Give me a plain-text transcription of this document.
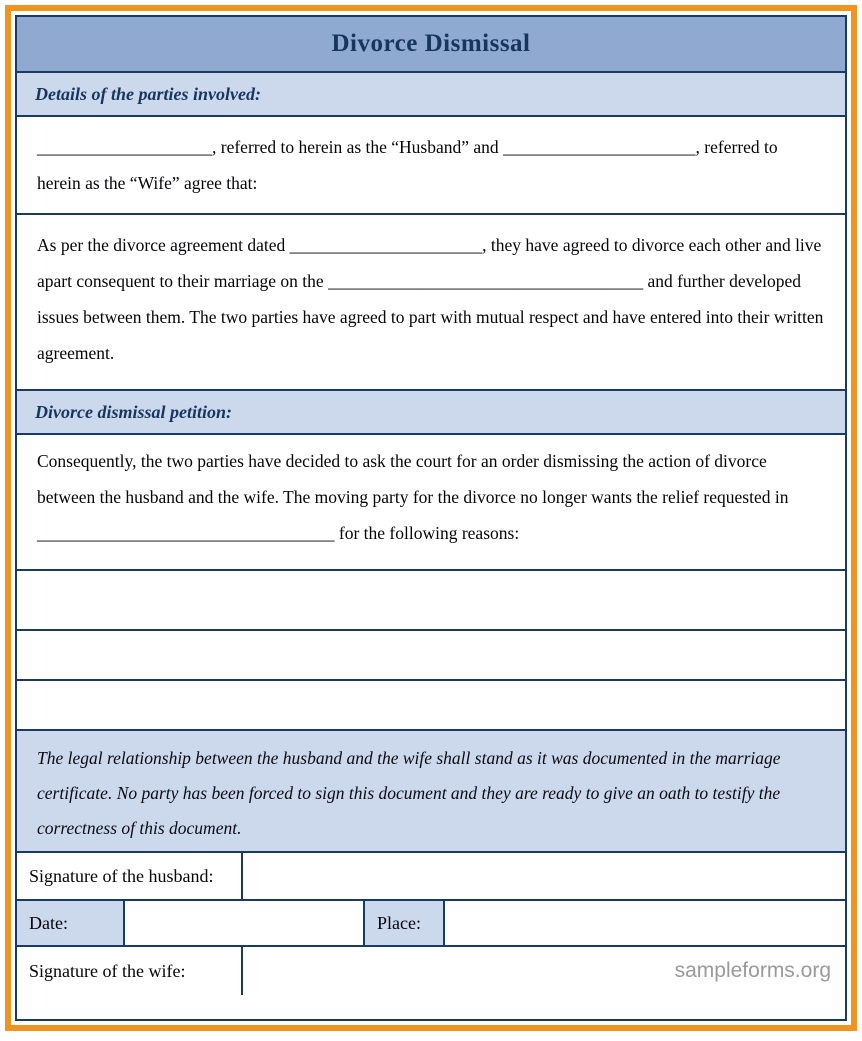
Divorce Dismissal
Details of the parties involved:
____________________, referred to herein as the “Husband” and ______________________, referred to herein as the “Wife” agree that:
As per the divorce agreement dated ______________________, they have agreed to divorce each other and live apart consequent to their marriage on the ____________________________________ and further developed issues between them. The two parties have agreed to part with mutual respect and have entered into their written agreement.
Divorce dismissal petition:
Consequently, the two parties have decided to ask the court for an order dismissing the action of divorce between the husband and the wife. The moving party for the divorce no longer wants the relief requested in __________________________________ for the following reasons:
The legal relationship between the husband and the wife shall stand as it was documented in the marriage certificate. No party has been forced to sign this document and they are ready to give an oath to testify the correctness of this document.
Signature of the husband:
Date:	Place:
Signature of the wife:	sampleforms.org
